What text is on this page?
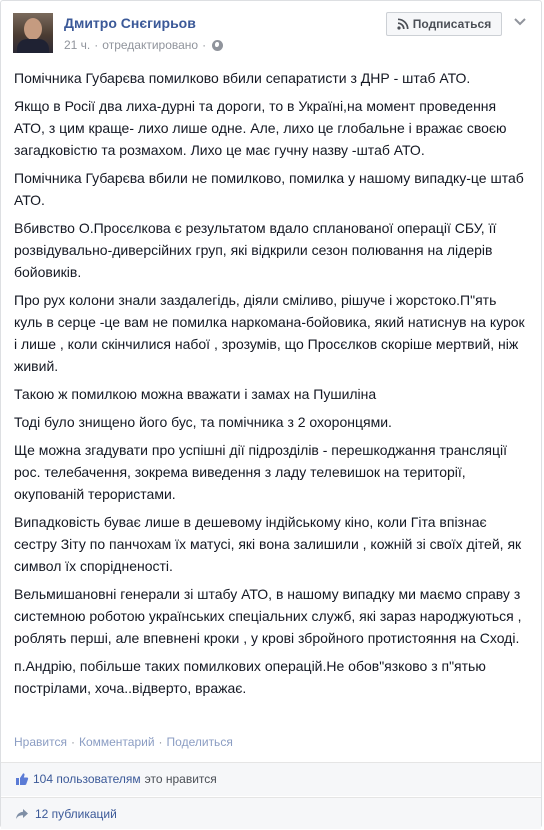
Дмитро Снєгирьов
21 ч. · отредактировано ·
Подписаться

Помічника Губарєва помилково вбили сепаратисти з ДНР - штаб АТО.

Якщо в Росії два лиха-дурні та дороги, то в Україні,на момент проведення АТО, з цим краще- лихо лише одне. Але, лихо це глобальне і вражає своєю загадковістю та розмахом. Лихо це має гучну назву -штаб АТО.

Помічника Губарєва вбили не помилково, помилка у нашому випадку-це штаб АТО.

Вбивство О.Просєлкова є результатом вдало спланованої операції СБУ, її розвідувально-диверсійних груп, які відкрили сезон полювання на лідерів бойовиків.

Про рух колони знали заздалегідь, діяли сміливо, рішуче і жорстоко.П"ять куль в серце -це вам не помилка наркомана-бойовика, який натиснув на курок і лише , коли скінчилися набої , зрозумів, що Просєлков скоріше мертвий, ніж живий.

Такою ж помилкою можна вважати і замах на Пушиліна

Тоді було знищено його бус, та помічника з 2 охоронцями.

Ще можна згадувати про успішні дії підрозділів - перешкоджання трансляції рос. телебачення, зокрема виведення з ладу телевишок на території, окупованій терористами.

Випадковість буває лише в дешевому індійському кіно, коли Гіта впізнає сестру Зіту по панчохам їх матусі, які вона залишили , кожній зі своїх дітей, як символ їх спорідненості.

Вельмишановні генерали зі штабу АТО, в нашому випадку ми маємо справу з системною роботою українських спеціальних служб, які зараз народжуються , роблять перші, але впевнені кроки , у крові збройного протистояння на Сході.

п.Андрію, побільше таких помилкових операцій.Не обов"язково з п"ятью пострілами, хоча..відверто, вражає.

Нравится · Комментарий · Поделиться
104 пользователям это нравится
12 публикаций
